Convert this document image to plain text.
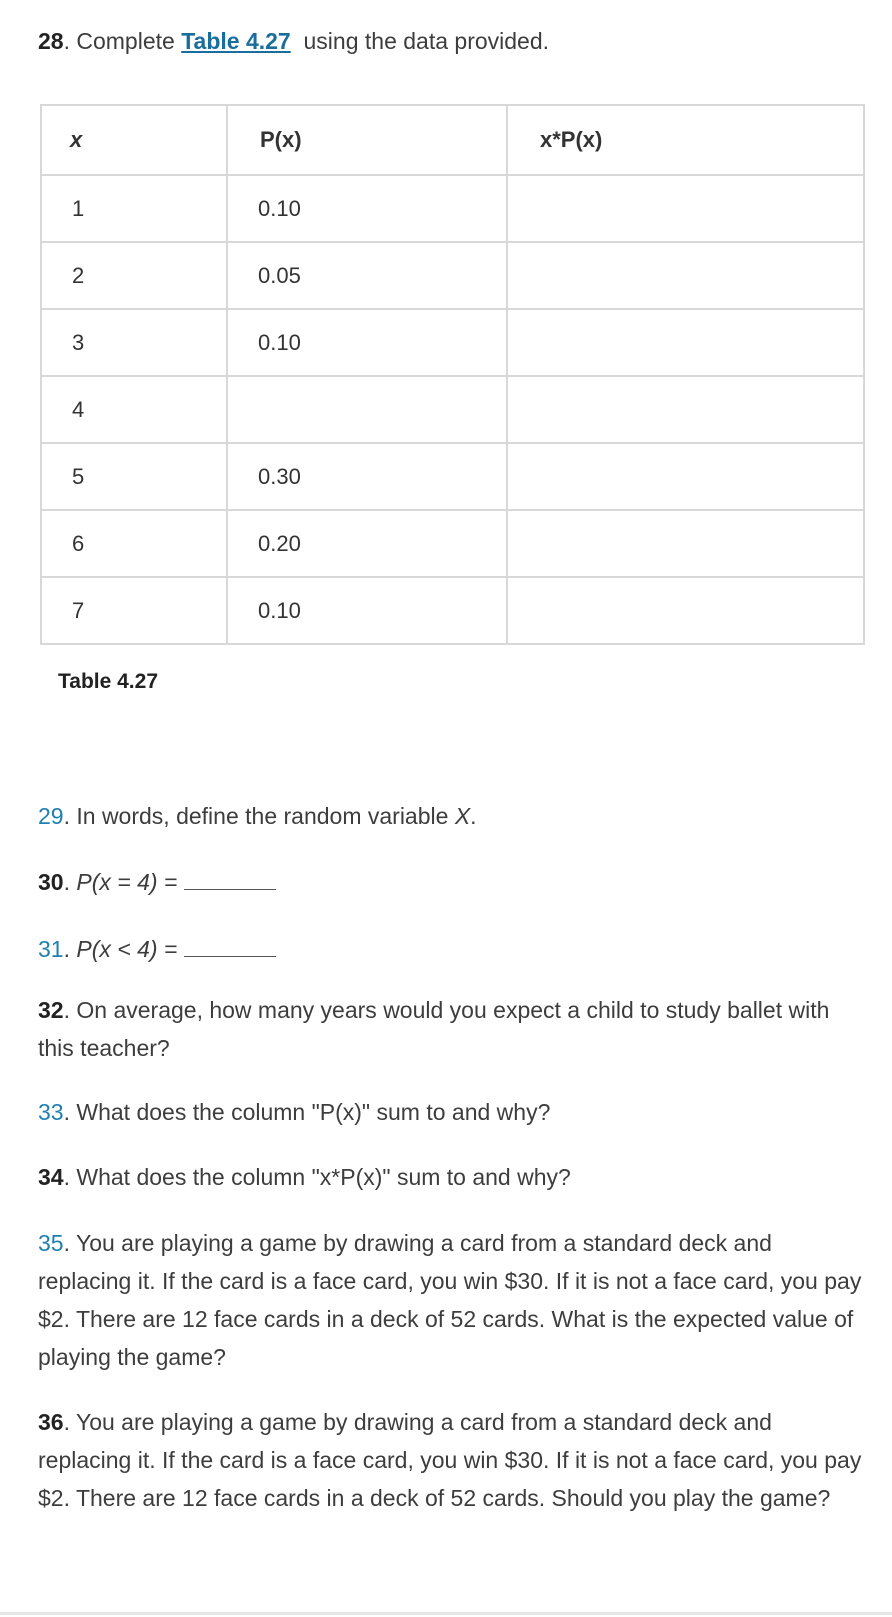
28. Complete Table 4.27 using the data provided.

x	P(x)	x*P(x)
1	0.10	
2	0.05	
3	0.10	
4		
5	0.30	
6	0.20	
7	0.10	
Table 4.27

29. In words, define the random variable X.

30. P(x = 4) =

31. P(x < 4) =

32. On average, how many years would you expect a child to study ballet with this teacher?

33. What does the column "P(x)" sum to and why?

34. What does the column "x*P(x)" sum to and why?

35. You are playing a game by drawing a card from a standard deck and replacing it. If the card is a face card, you win $30. If it is not a face card, you pay $2. There are 12 face cards in a deck of 52 cards. What is the expected value of playing the game?

36. You are playing a game by drawing a card from a standard deck and replacing it. If the card is a face card, you win $30. If it is not a face card, you pay $2. There are 12 face cards in a deck of 52 cards. Should you play the game?
